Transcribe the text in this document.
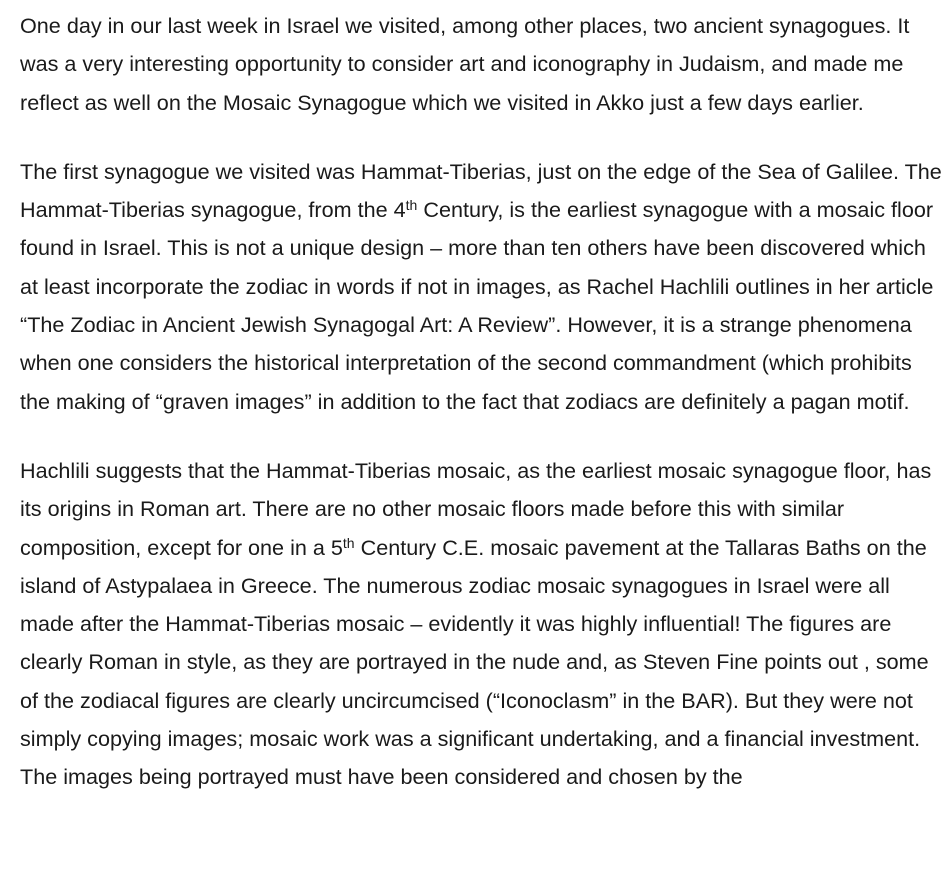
One day in our last week in Israel we visited, among other places, two ancient synagogues. It was a very interesting opportunity to consider art and iconography in Judaism, and made me reflect as well on the Mosaic Synagogue which we visited in Akko just a few days earlier.

The first synagogue we visited was Hammat-Tiberias, just on the edge of the Sea of Galilee. The Hammat-Tiberias synagogue, from the 4th Century, is the earliest synagogue with a mosaic floor found in Israel. This is not a unique design – more than ten others have been discovered which at least incorporate the zodiac in words if not in images, as Rachel Hachlili outlines in her article “The Zodiac in Ancient Jewish Synagogal Art: A Review”. However, it is a strange phenomena when one considers the historical interpretation of the second commandment (which prohibits the making of “graven images” in addition to the fact that zodiacs are definitely a pagan motif.

Hachlili suggests that the Hammat-Tiberias mosaic, as the earliest mosaic synagogue floor, has its origins in Roman art. There are no other mosaic floors made before this with similar composition, except for one in a 5th Century C.E. mosaic pavement at the Tallaras Baths on the island of Astypalaea in Greece. The numerous zodiac mosaic synagogues in Israel were all made after the Hammat-Tiberias mosaic – evidently it was highly influential! The figures are clearly Roman in style, as they are portrayed in the nude and, as Steven Fine points out , some of the zodiacal figures are clearly uncircumcised (“Iconoclasm” in the BAR). But they were not simply copying images; mosaic work was a significant undertaking, and a financial investment. The images being portrayed must have been considered and chosen by the
